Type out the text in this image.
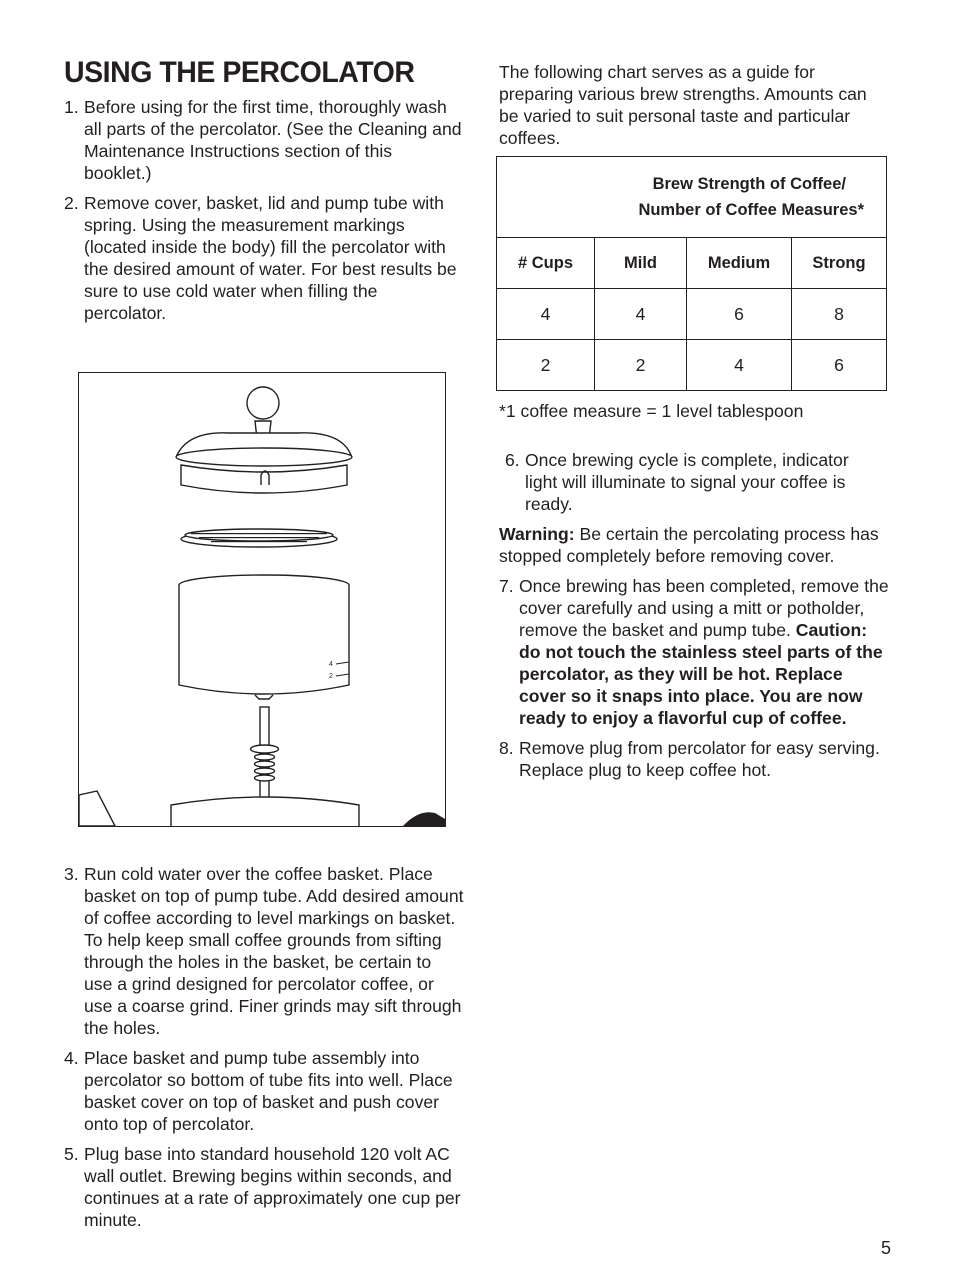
USING THE PERCOLATOR
1. Before using for the first time, thoroughly wash all parts of the percolator. (See the Cleaning and Maintenance Instructions section of this booklet.)
2. Remove cover, basket, lid and pump tube with spring. Using the measurement markings (located inside the body) fill the percolator with the desired amount of water. For best results be sure to use cold water when filling the percolator.
4
2
3. Run cold water over the coffee basket. Place basket on top of pump tube. Add desired amount of coffee according to level markings on basket. To help keep small coffee grounds from sifting through the holes in the basket, be certain to use a grind designed for percolator coffee, or use a coarse grind. Finer grinds may sift through the holes.
4. Place basket and pump tube assembly into percolator so bottom of tube fits into well. Place basket cover on top of basket and push cover onto top of percolator.
5. Plug base into standard household 120 volt AC wall outlet. Brewing begins within seconds, and continues at a rate of approximately one cup per minute.
The following chart serves as a guide for preparing various brew strengths. Amounts can be varied to suit personal taste and particular coffees.
Brew Strength of Coffee/
Number of Coffee Measures*			

# Cups	Mild	Medium	Strong
4	4	6	8
2	2	4	6
*1 coffee measure = 1 level tablespoon
6. Once brewing cycle is complete, indicator light will illuminate to signal your coffee is ready.
Warning: Be certain the percolating process has stopped completely before removing cover.
7. Once brewing has been completed, remove the cover carefully and using a mitt or potholder, remove the basket and pump tube. Caution: do not touch the stainless steel parts of the percolator, as they will be hot. Replace cover so it snaps into place. You are now ready to enjoy a flavorful cup of coffee.
8. Remove plug from percolator for easy serving. Replace plug to keep coffee hot.
5
